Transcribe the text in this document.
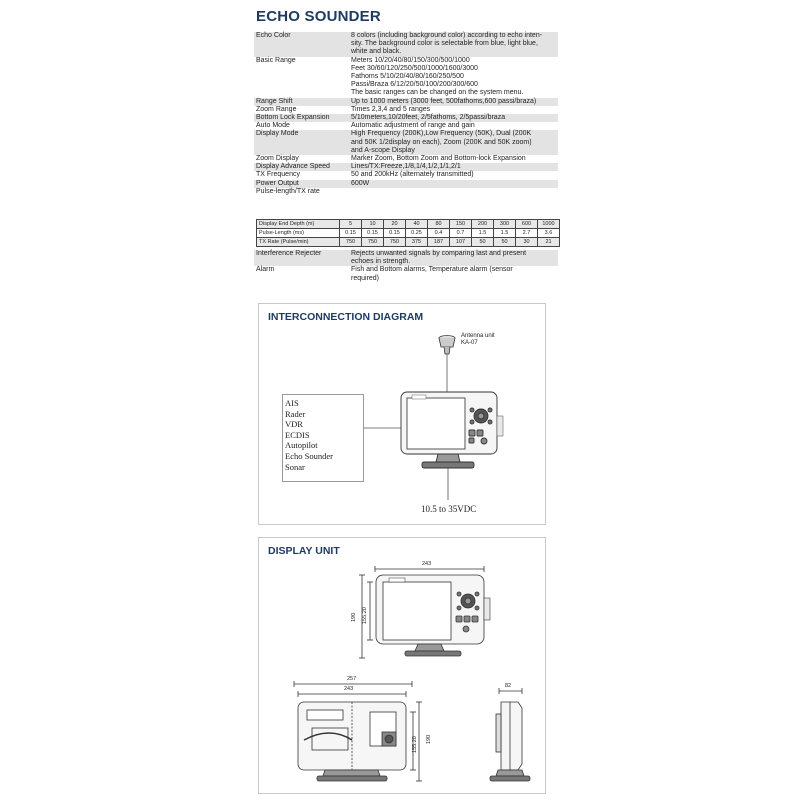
ECHO SOUNDER
Echo Color	8 colors (including background color) according to echo inten-
sity. The background color is selectable from blue, light blue,
white and black.
Basic Range	Meters 10/20/40/80/150/300/500/1000
Feet 30/60/120/250/500/1000/1600/3000
Fathoms 5/10/20/40/80/160/250/500
Passi/Braza 6/12/20/50/100/200/300/600
The basic ranges can be changed on the system menu.
Range Shift	Up to 1000 meters (3000 feet, 500fathoms,600 passi/braza)
Zoom Range	Times 2,3,4 and 5 ranges
Bottom Lock Expansion	5/10meters,10/20feet, 2/5fathoms, 2/5passi/braza
Auto Mode	Automatic adjustment of range and gain
Display Mode	High Frequency (200K),Low Frequency (50K), Dual (200K
and 50K 1/2display on each), Zoom (200K and 50K zoom)
and A-scope Display
Zoom Display	Marker Zoom, Bottom Zoom and Bottom-lock Expansion
Display Advance Speed	Lines/TX:Freeze,1/8,1/4,1/2,1/1,2/1
TX Frequency	50 and 200kHz (alternately transmitted)
Power Output	600W
Pulse-length/TX rate

Display End Depth (m)	5	10	20	40	80	150	200	300	600	1000
Pulse-Length (ms)	0.15	0.15	0.15	0.25	0.4	0.7	1.5	1.5	2.7	3.6
TX Rate (Pulse/min)	750	750	750	375	187	107	50	50	30	21
Interference Rejecter	Rejects unwanted signals by comparing last and present
echoes in strength.
Alarm	Fish and Bottom alarms, Temperature alarm (sensor
required)
INTERCONNECTION DIAGRAM
DISPLAY UNIT
Antenna unit
KA-07
AIS
Rader
VDR
ECDIS
Autopilot
Echo Sounder
Sonar
10.5 to 35VDC
243
190 155.20
257
243
155.20 190
82
